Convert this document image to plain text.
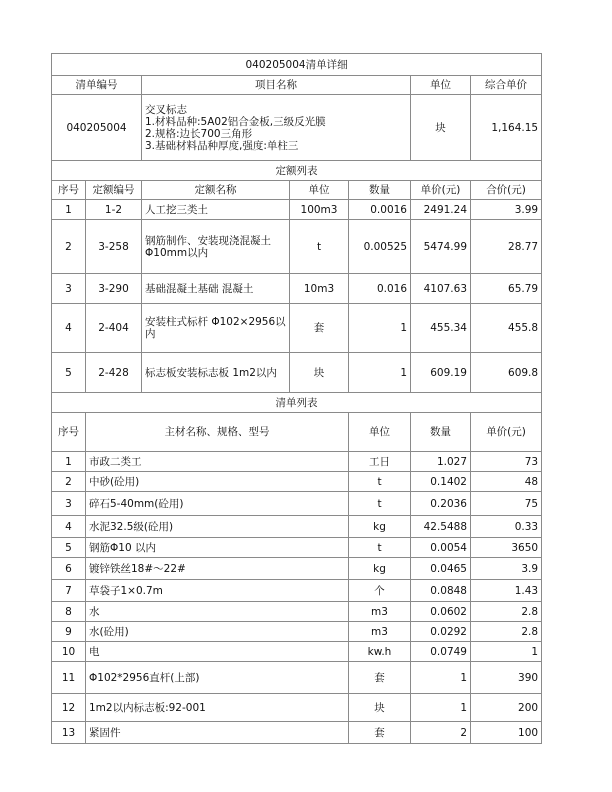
040205004清单详细							
清单编号		项目名称			单位	综合单价	
040205004		交叉标志
1.材料品种:5A02铝合金板,三级反光膜
2.规格:边长700三角形
3.基础材料品种厚度,强度:单柱三			块	1,164.15	
定额列表							
序号	定额编号	定额名称	单位	数量	单价(元)	合价(元)	
1	1-2	人工挖三类土	100m3	0.0016	2491.24	3.99	
2	3-258	钢筋制作、安装现浇混凝土Φ10mm以内	t	0.00525	5474.99	28.77	
3	3-290	基础混凝土基础 混凝土	10m3	0.016	4107.63	65.79	
4	2-404	安装柱式标杆 Φ102×2956以内	套	1	455.34	455.8	
5	2-428	标志板安装标志板 1m2以内	块	1	609.19	609.8	
清单列表							
序号	主材名称、规格、型号			单位	数量	单价(元)	
1	市政二类工			工日	1.027	73	
2	中砂(砼用)			t	0.1402	48	
3	碎石5-40mm(砼用)			t	0.2036	75	
4	水泥32.5级(砼用)			kg	42.5488	0.33	
5	钢筋Φ10 以内			t	0.0054	3650	
6	镀锌铁丝18#～22#			kg	0.0465	3.9	
7	草袋子1×0.7m			个	0.0848	1.43	
8	水			m3	0.0602	2.8	
9	水(砼用)			m3	0.0292	2.8	
10	电			kw.h	0.0749	1	
11	Φ102*2956直杆(上部)			套	1	390	
12	1m2以内标志板:92-001			块	1	200	
13	紧固件			套	2	100	
